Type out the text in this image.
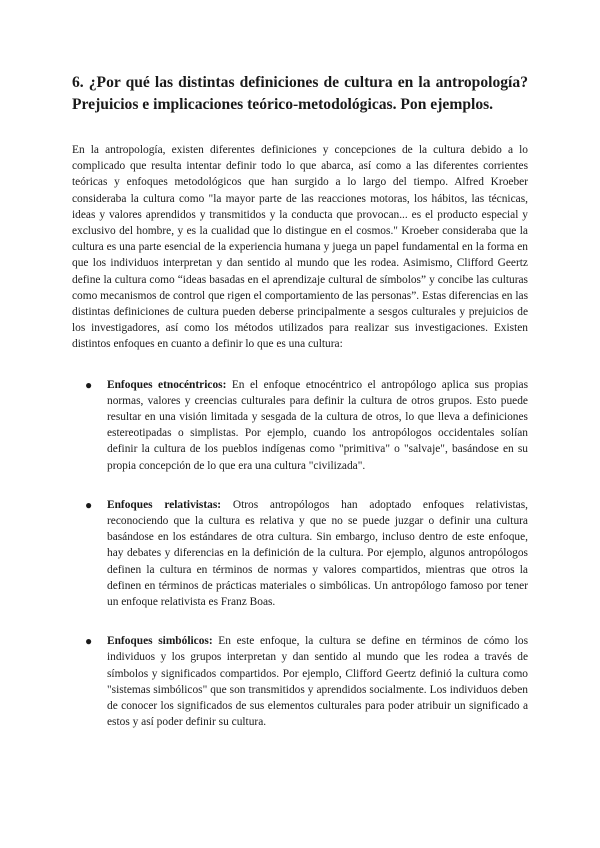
6. ¿Por qué las distintas definiciones de cultura en la antropología? Prejuicios e implicaciones teórico-metodológicas. Pon ejemplos.

En la antropología, existen diferentes definiciones y concepciones de la cultura debido a lo complicado que resulta intentar definir todo lo que abarca, así como a las diferentes corrientes teóricas y enfoques metodológicos que han surgido a lo largo del tiempo. Alfred Kroeber consideraba la cultura como "la mayor parte de las reacciones motoras, los hábitos, las técnicas, ideas y valores aprendidos y transmitidos y la conducta que provocan... es el producto especial y exclusivo del hombre, y es la cualidad que lo distingue en el cosmos." Kroeber consideraba que la cultura es una parte esencial de la experiencia humana y juega un papel fundamental en la forma en que los individuos interpretan y dan sentido al mundo que les rodea. Asimismo, Clifford Geertz define la cultura como “ideas basadas en el aprendizaje cultural de símbolos” y concibe las culturas como mecanismos de control que rigen el comportamiento de las personas”. Estas diferencias en las distintas definiciones de cultura pueden deberse principalmente a sesgos culturales y prejuicios de los investigadores, así como los métodos utilizados para realizar sus investigaciones. Existen distintos enfoques en cuanto a definir lo que es una cultura:

● Enfoques etnocéntricos: En el enfoque etnocéntrico el antropólogo aplica sus propias normas, valores y creencias culturales para definir la cultura de otros grupos. Esto puede resultar en una visión limitada y sesgada de la cultura de otros, lo que lleva a definiciones estereotipadas o simplistas. Por ejemplo, cuando los antropólogos occidentales solían definir la cultura de los pueblos indígenas como "primitiva" o "salvaje", basándose en su propia concepción de lo que era una cultura "civilizada".
● Enfoques relativistas: Otros antropólogos han adoptado enfoques relativistas, reconociendo que la cultura es relativa y que no se puede juzgar o definir una cultura basándose en los estándares de otra cultura. Sin embargo, incluso dentro de este enfoque, hay debates y diferencias en la definición de la cultura. Por ejemplo, algunos antropólogos definen la cultura en términos de normas y valores compartidos, mientras que otros la definen en términos de prácticas materiales o simbólicas. Un antropólogo famoso por tener un enfoque relativista es Franz Boas.
● Enfoques simbólicos: En este enfoque, la cultura se define en términos de cómo los individuos y los grupos interpretan y dan sentido al mundo que les rodea a través de símbolos y significados compartidos. Por ejemplo, Clifford Geertz definió la cultura como "sistemas simbólicos" que son transmitidos y aprendidos socialmente. Los individuos deben de conocer los significados de sus elementos culturales para poder atribuir un significado a estos y así poder definir su cultura.
